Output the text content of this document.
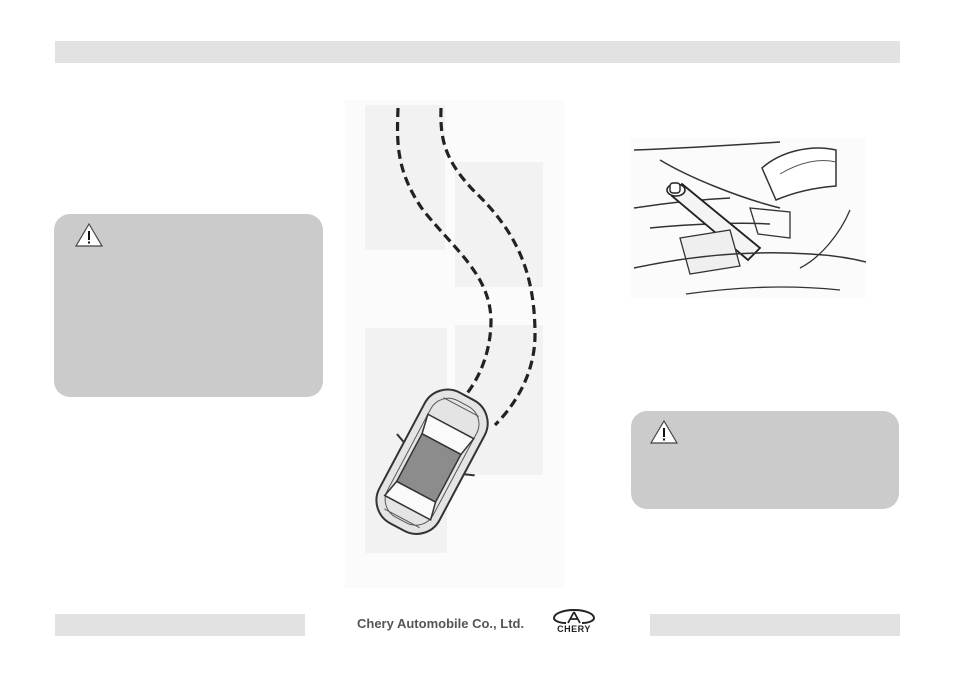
Chery Automobile Co., Ltd.	CHERY
